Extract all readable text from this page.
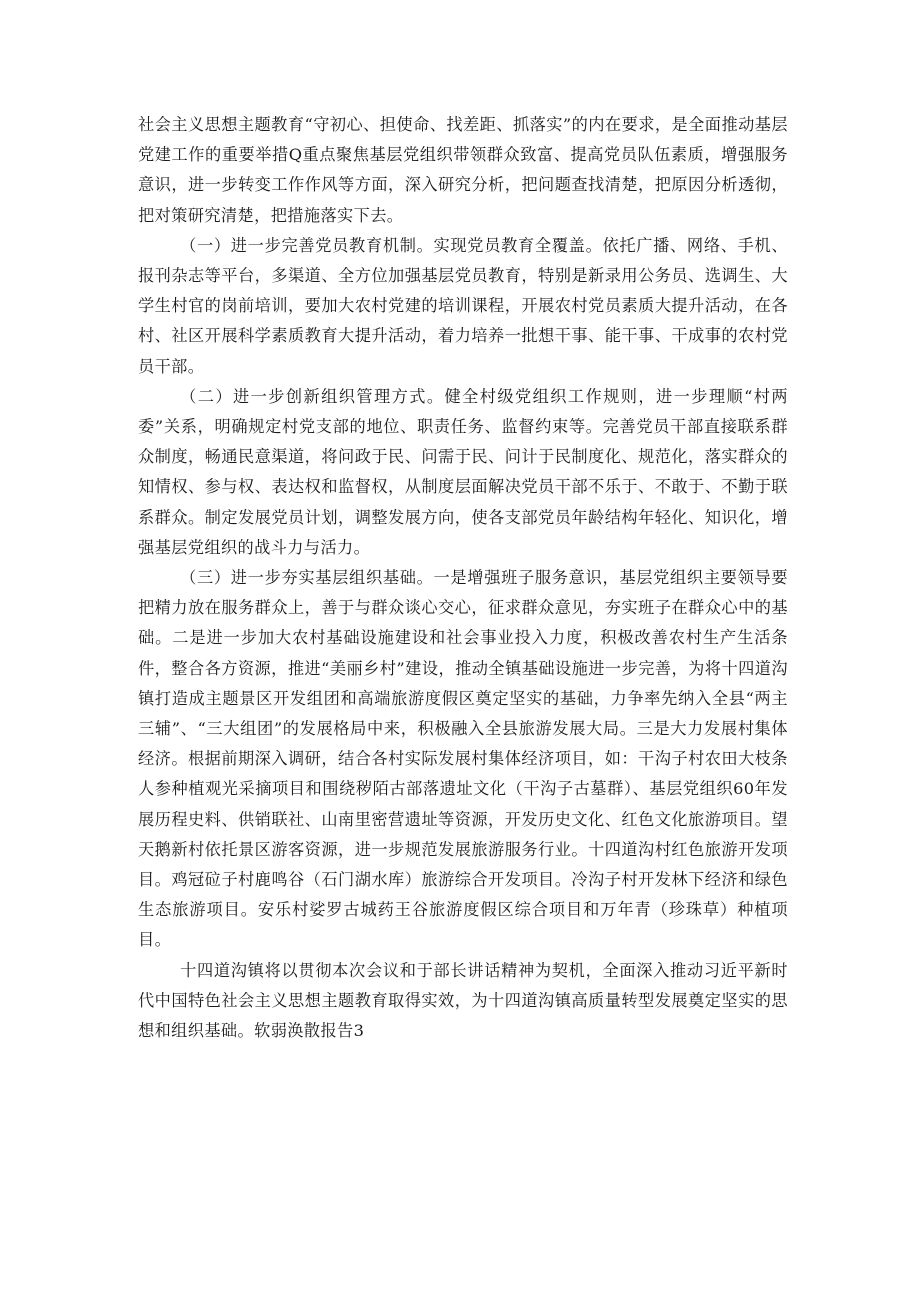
社会主义思想主题教育“守初心、担使命、找差距、抓落实”的内在要求，是全面推动基层党建工作的重要举措Q重点聚焦基层党组织带领群众致富、提高党员队伍素质，增强服务意识，进一步转变工作作风等方面，深入研究分析，把问题查找清楚，把原因分析透彻，把对策研究清楚，把措施落实下去。

（一）进一步完善党员教育机制。实现党员教育全覆盖。依托广播、网络、手机、报刊杂志等平台，多渠道、全方位加强基层党员教育，特别是新录用公务员、选调生、大学生村官的岗前培训，要加大农村党建的培训课程，开展农村党员素质大提升活动，在各村、社区开展科学素质教育大提升活动，着力培养一批想干事、能干事、干成事的农村党员干部。

（二）进一步创新组织管理方式。健全村级党组织工作规则，进一步理顺“村两委”关系，明确规定村党支部的地位、职责任务、监督约束等。完善党员干部直接联系群众制度，畅通民意渠道，将问政于民、问需于民、问计于民制度化、规范化，落实群众的知情权、参与权、表达权和监督权，从制度层面解决党员干部不乐于、不敢于、不勤于联系群众。制定发展党员计划，调整发展方向，使各支部党员年龄结构年轻化、知识化，增强基层党组织的战斗力与活力。

（三）进一步夯实基层组织基础。一是增强班子服务意识，基层党组织主要领导要把精力放在服务群众上，善于与群众谈心交心，征求群众意见，夯实班子在群众心中的基础。二是进一步加大农村基础设施建设和社会事业投入力度，积极改善农村生产生活条件，整合各方资源，推进“美丽乡村”建设，推动全镇基础设施进一步完善，为将十四道沟镇打造成主题景区开发组团和高端旅游度假区奠定坚实的基础，力争率先纳入全县“两主三辅”、“三大组团”的发展格局中来，积极融入全县旅游发展大局。三是大力发展村集体经济。根据前期深入调研，结合各村实际发展村集体经济项目，如：干沟子村农田大枝条人参种植观光采摘项目和围绕秽陌古部落遗址文化（干沟子古墓群）、基层党组织60年发展历程史料、供销联社、山南里密营遗址等资源，开发历史文化、红色文化旅游项目。望天鹅新村依托景区游客资源，进一步规范发展旅游服务行业。十四道沟村红色旅游开发项目。鸡冠砬子村鹿鸣谷（石门湖水库）旅游综合开发项目。冷沟子村开发林下经济和绿色生态旅游项目。安乐村娑罗古城药王谷旅游度假区综合项目和万年青（珍珠草）种植项目。

十四道沟镇将以贯彻本次会议和于部长讲话精神为契机，全面深入推动习近平新时代中国特色社会主义思想主题教育取得实效，为十四道沟镇高质量转型发展奠定坚实的思想和组织基础。软弱涣散报告3
